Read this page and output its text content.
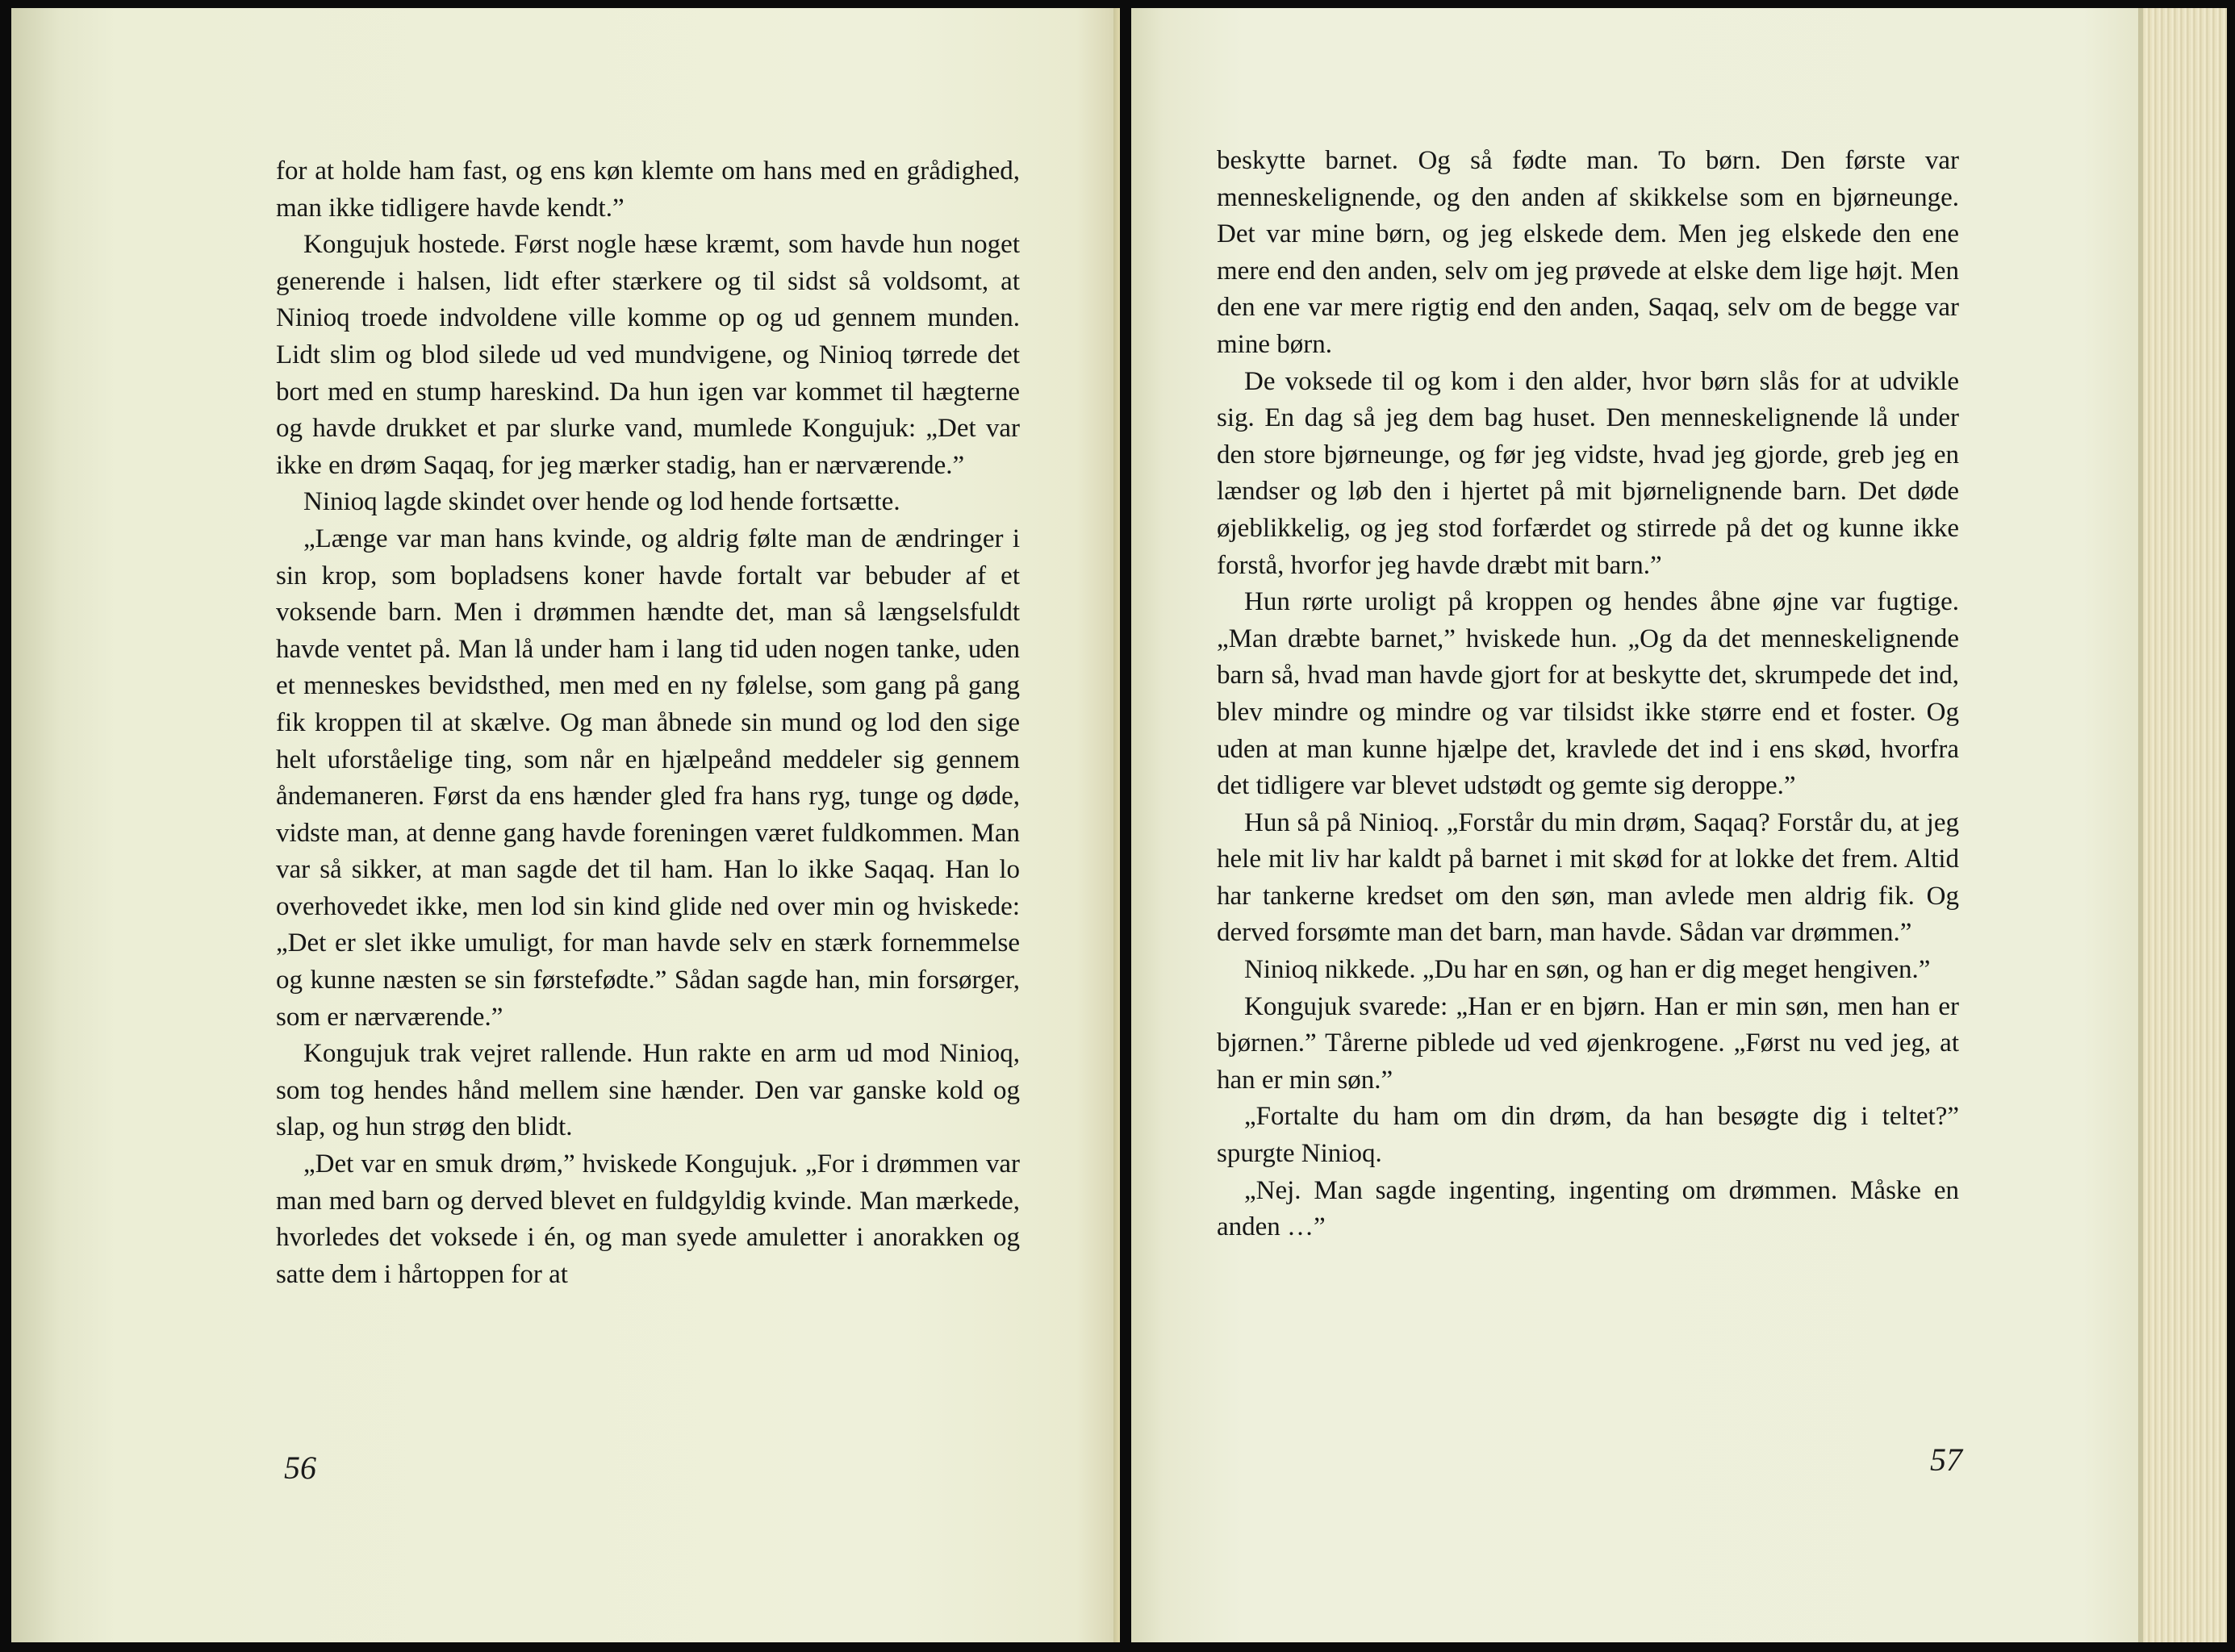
for at holde ham fast, og ens køn klemte om hans med en grådighed, man ikke tidligere havde kendt.”

Kongujuk hostede. Først nogle hæse kræmt, som havde hun noget generende i halsen, lidt efter stærkere og til sidst så voldsomt, at Ninioq troede indvoldene ville komme op og ud gennem munden. Lidt slim og blod silede ud ved mundvigene, og Ninioq tørrede det bort med en stump hareskind. Da hun igen var kommet til hægterne og havde drukket et par slurke vand, mumlede Kongujuk: „Det var ikke en drøm Saqaq, for jeg mærker stadig, han er nærværende.”

Ninioq lagde skindet over hende og lod hende fortsætte.

„Længe var man hans kvinde, og aldrig følte man de ændringer i sin krop, som bopladsens koner havde fortalt var bebuder af et voksende barn. Men i drømmen hændte det, man så længselsfuldt havde ventet på. Man lå under ham i lang tid uden nogen tanke, uden et menneskes bevidsthed, men med en ny følelse, som gang på gang fik kroppen til at skælve. Og man åbnede sin mund og lod den sige helt uforståelige ting, som når en hjælpeånd meddeler sig gennem åndemaneren. Først da ens hænder gled fra hans ryg, tunge og døde, vidste man, at denne gang havde foreningen været fuldkommen. Man var så sikker, at man sagde det til ham. Han lo ikke Saqaq. Han lo overhovedet ikke, men lod sin kind glide ned over min og hviskede: „Det er slet ikke umuligt, for man havde selv en stærk fornemmelse og kunne næsten se sin førstefødte.” Sådan sagde han, min forsørger, som er nærværende.”

Kongujuk trak vejret rallende. Hun rakte en arm ud mod Ninioq, som tog hendes hånd mellem sine hænder. Den var ganske kold og slap, og hun strøg den blidt.

„Det var en smuk drøm,” hviskede Kongujuk. „For i drømmen var man med barn og derved blevet en fuldgyldig kvinde. Man mærkede, hvorledes det voksede i én, og man syede amuletter i anorakken og satte dem i hårtoppen for at

56

beskytte barnet. Og så fødte man. To børn. Den første var menneskelignende, og den anden af skikkelse som en bjørneunge. Det var mine børn, og jeg elskede dem. Men jeg elskede den ene mere end den anden, selv om jeg prøvede at elske dem lige højt. Men den ene var mere rigtig end den anden, Saqaq, selv om de begge var mine børn.

De voksede til og kom i den alder, hvor børn slås for at udvikle sig. En dag så jeg dem bag huset. Den menneskelignende lå under den store bjørneunge, og før jeg vidste, hvad jeg gjorde, greb jeg en lændser og løb den i hjertet på mit bjørnelignende barn. Det døde øjeblikkelig, og jeg stod forfærdet og stirrede på det og kunne ikke forstå, hvorfor jeg havde dræbt mit barn.”

Hun rørte uroligt på kroppen og hendes åbne øjne var fugtige. „Man dræbte barnet,” hviskede hun. „Og da det menneskelignende barn så, hvad man havde gjort for at beskytte det, skrumpede det ind, blev mindre og mindre og var tilsidst ikke større end et foster. Og uden at man kunne hjælpe det, kravlede det ind i ens skød, hvorfra det tidligere var blevet udstødt og gemte sig deroppe.”

Hun så på Ninioq. „Forstår du min drøm, Saqaq? Forstår du, at jeg hele mit liv har kaldt på barnet i mit skød for at lokke det frem. Altid har tankerne kredset om den søn, man avlede men aldrig fik. Og derved forsømte man det barn, man havde. Sådan var drømmen.”

Ninioq nikkede. „Du har en søn, og han er dig meget hengiven.”

Kongujuk svarede: „Han er en bjørn. Han er min søn, men han er bjørnen.” Tårerne piblede ud ved øjenkrogene. „Først nu ved jeg, at han er min søn.”

„Fortalte du ham om din drøm, da han besøgte dig i teltet?” spurgte Ninioq.

„Nej. Man sagde ingenting, ingenting om drømmen. Måske en anden …”

57
